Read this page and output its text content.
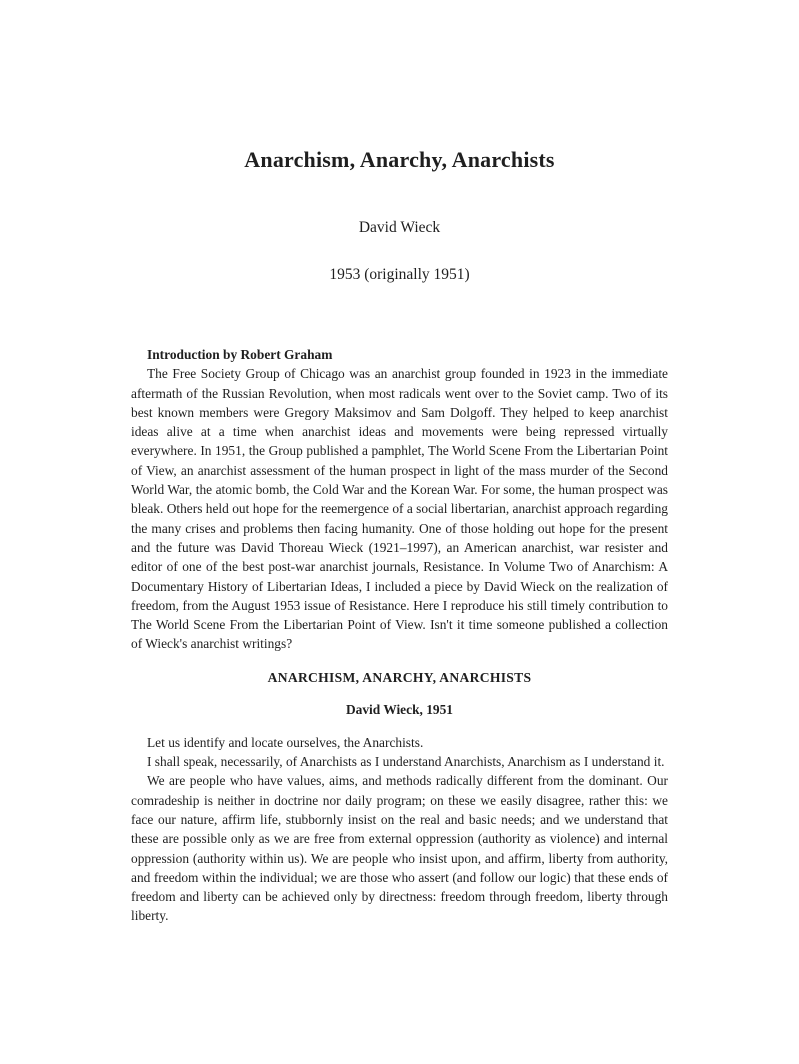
Anarchism, Anarchy, Anarchists
David Wieck
1953 (originally 1951)

Introduction by Robert Graham

The Free Society Group of Chicago was an anarchist group founded in 1923 in the immediate aftermath of the Russian Revolution, when most radicals went over to the Soviet camp. Two of its best known members were Gregory Maksimov and Sam Dolgoff. They helped to keep anarchist ideas alive at a time when anarchist ideas and movements were being repressed virtually everywhere. In 1951, the Group published a pamphlet, The World Scene From the Libertarian Point of View, an anarchist assessment of the human prospect in light of the mass murder of the Second World War, the atomic bomb, the Cold War and the Korean War. For some, the human prospect was bleak. Others held out hope for the reemergence of a social libertarian, anarchist approach regarding the many crises and problems then facing humanity. One of those holding out hope for the present and the future was David Thoreau Wieck (1921–1997), an American anarchist, war resister and editor of one of the best post-war anarchist journals, Resistance. In Volume Two of Anarchism: A Documentary History of Libertarian Ideas, I included a piece by David Wieck on the realization of freedom, from the August 1953 issue of Resistance. Here I reproduce his still timely contribution to The World Scene From the Libertarian Point of View. Isn't it time someone published a collection of Wieck's anarchist writings?

ANARCHISM, ANARCHY, ANARCHISTS
David Wieck, 1951

Let us identify and locate ourselves, the Anarchists.

I shall speak, necessarily, of Anarchists as I understand Anarchists, Anarchism as I understand it.

We are people who have values, aims, and methods radically different from the dominant. Our comradeship is neither in doctrine nor daily program; on these we easily disagree, rather this: we face our nature, affirm life, stubbornly insist on the real and basic needs; and we understand that these are possible only as we are free from external oppression (authority as violence) and internal oppression (authority within us). We are people who insist upon, and affirm, liberty from authority, and freedom within the individual; we are those who assert (and follow our logic) that these ends of freedom and liberty can be achieved only by directness: freedom through freedom, liberty through liberty.
